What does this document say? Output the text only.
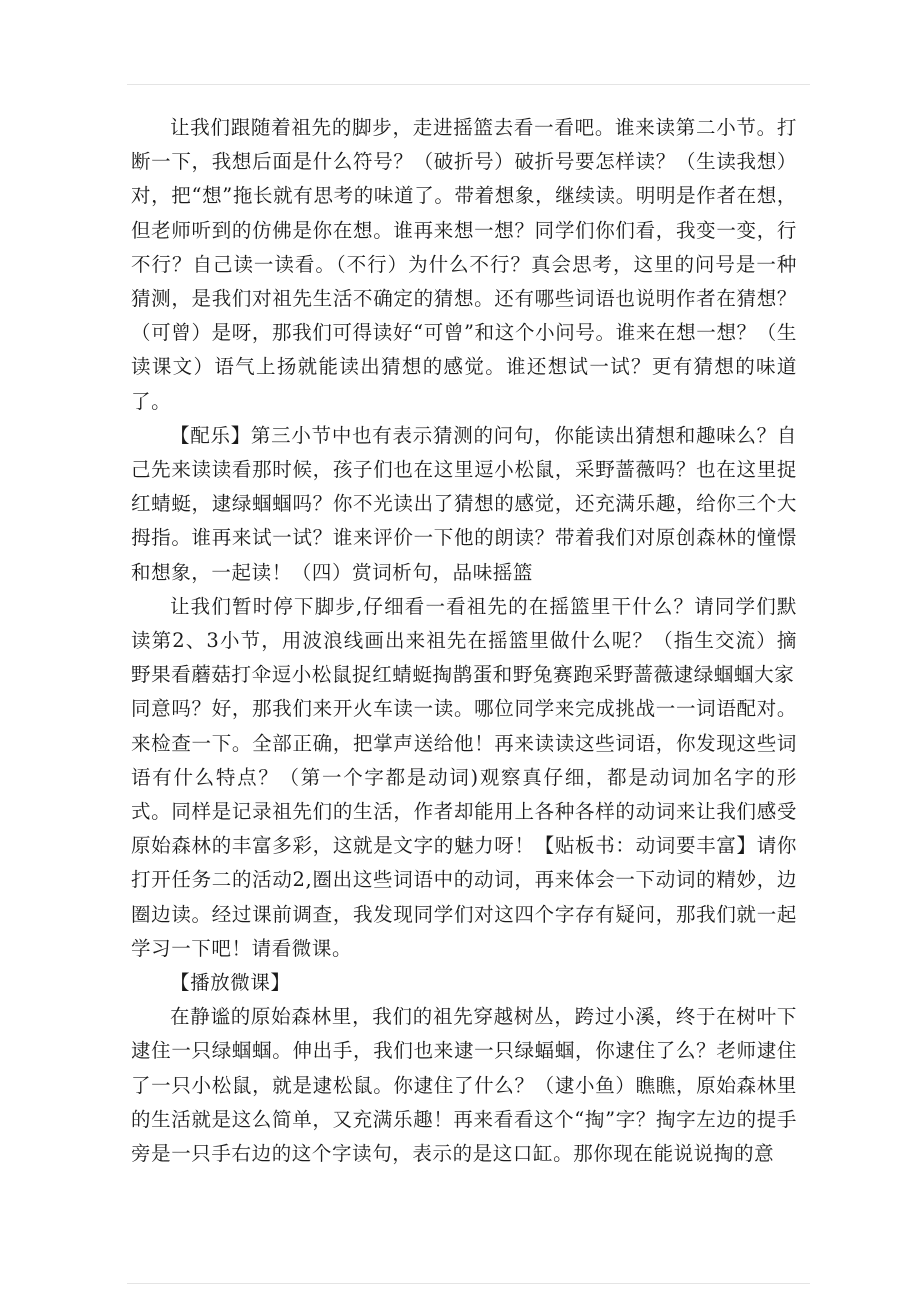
让我们跟随着祖先的脚步，走进摇篮去看一看吧。谁来读第二小节。打断一下，我想后面是什么符号？（破折号）破折号要怎样读？（生读我想）对，把“想”拖长就有思考的味道了。带着想象，继续读。明明是作者在想，但老师听到的仿佛是你在想。谁再来想一想？同学们你们看，我变一变，行不行？自己读一读看。（不行）为什么不行？真会思考，这里的问号是一种猜测，是我们对祖先生活不确定的猜想。还有哪些词语也说明作者在猜想？（可曾）是呀，那我们可得读好“可曾”和这个小问号。谁来在想一想？（生读课文）语气上扬就能读出猜想的感觉。谁还想试一试？更有猜想的味道了。

【配乐】第三小节中也有表示猜测的问句，你能读出猜想和趣味么？自己先来读读看那时候，孩子们也在这里逗小松鼠，采野蔷薇吗？也在这里捉红蜻蜓，逮绿蝈蝈吗？你不光读出了猜想的感觉，还充满乐趣，给你三个大拇指。谁再来试一试？谁来评价一下他的朗读？带着我们对原创森林的憧憬和想象，一起读！（四）赏词析句，品味摇篮

让我们暂时停下脚步,仔细看一看祖先的在摇篮里干什么？请同学们默读第2、3小节，用波浪线画出来祖先在摇篮里做什么呢？（指生交流）摘野果看蘑菇打伞逗小松鼠捉红蜻蜓掏鹊蛋和野兔赛跑采野蔷薇逮绿蝈蝈大家
同意吗？好，那我们来开火车读一读。哪位同学来完成挑战一一词语配对。来检查一下。全部正确，把掌声送给他！再来读读这些词语，你发现这些词语有什么特点？（第一个字都是动词)观察真仔细，都是动词加名字的形式。同样是记录祖先们的生活，作者却能用上各种各样的动词来让我们感受原始森林的丰富多彩，这就是文字的魅力呀！【贴板书：动词要丰富】请你打开任务二的活动2,圈出这些词语中的动词，再来体会一下动词的精妙，边圈边读。经过课前调查，我发现同学们对这四个字存有疑问，那我们就一起学习一下吧！请看微课。

【播放微课】

在静谧的原始森林里，我们的祖先穿越树丛，跨过小溪，终于在树叶下逮住一只绿蝈蝈。伸出手，我们也来逮一只绿蝠蝈，你逮住了么？老师逮住了一只小松鼠，就是逮松鼠。你逮住了什么？（逮小鱼）瞧瞧，原始森林里的生活就是这么简单，又充满乐趣！再来看看这个“掏”字？掏字左边的提手旁是一只手右边的这个字读句，表示的是这口缸。那你现在能说说掏的意
